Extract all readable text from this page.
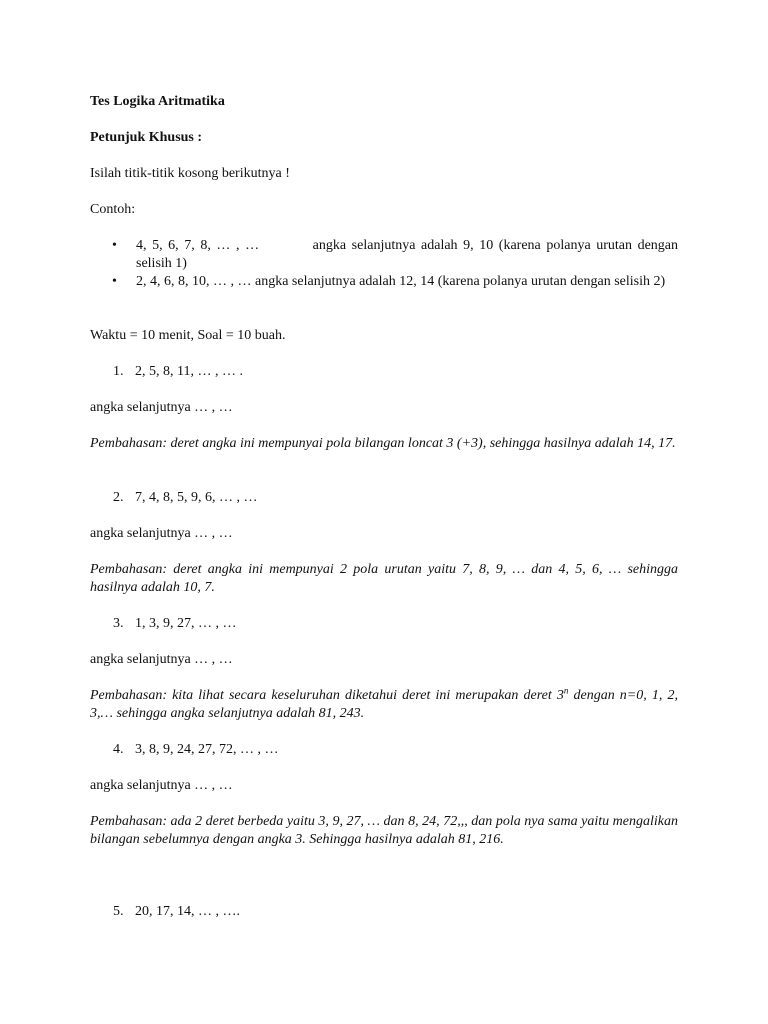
Tes Logika Aritmatika

Petunjuk Khusus :

Isilah titik-titik kosong berikutnya !

Contoh:

• 4, 5, 6, 7, 8, … , …	angka selanjutnya adalah 9, 10 (karena polanya urutan dengan selisih 1)
• 2, 4, 6, 8, 10, … , … angka selanjutnya adalah 12, 14 (karena polanya urutan dengan selisih 2)

Waktu = 10 menit, Soal = 10 buah.

1. 2, 5, 8, 11, … , … .

angka selanjutnya … , …

Pembahasan: deret angka ini mempunyai pola bilangan loncat 3 (+3), sehingga hasilnya adalah 14, 17.

2. 7, 4, 8, 5, 9, 6, … , …

angka selanjutnya … , …

Pembahasan: deret angka ini mempunyai 2 pola urutan yaitu 7, 8, 9, … dan 4, 5, 6, … sehingga hasilnya adalah 10, 7.

3. 1, 3, 9, 27, … , …

angka selanjutnya … , …

Pembahasan: kita lihat secara keseluruhan diketahui deret ini merupakan deret 3$^n$ dengan n=0, 1, 2, 3,… sehingga angka selanjutnya adalah 81, 243.

4. 3, 8, 9, 24, 27, 72, … , …

angka selanjutnya … , …

Pembahasan: ada 2 deret berbeda yaitu 3, 9, 27, … dan 8, 24, 72,,, dan pola nya sama yaitu mengalikan bilangan sebelumnya dengan angka 3. Sehingga hasilnya adalah 81, 216.

5. 20, 17, 14, … , ….
